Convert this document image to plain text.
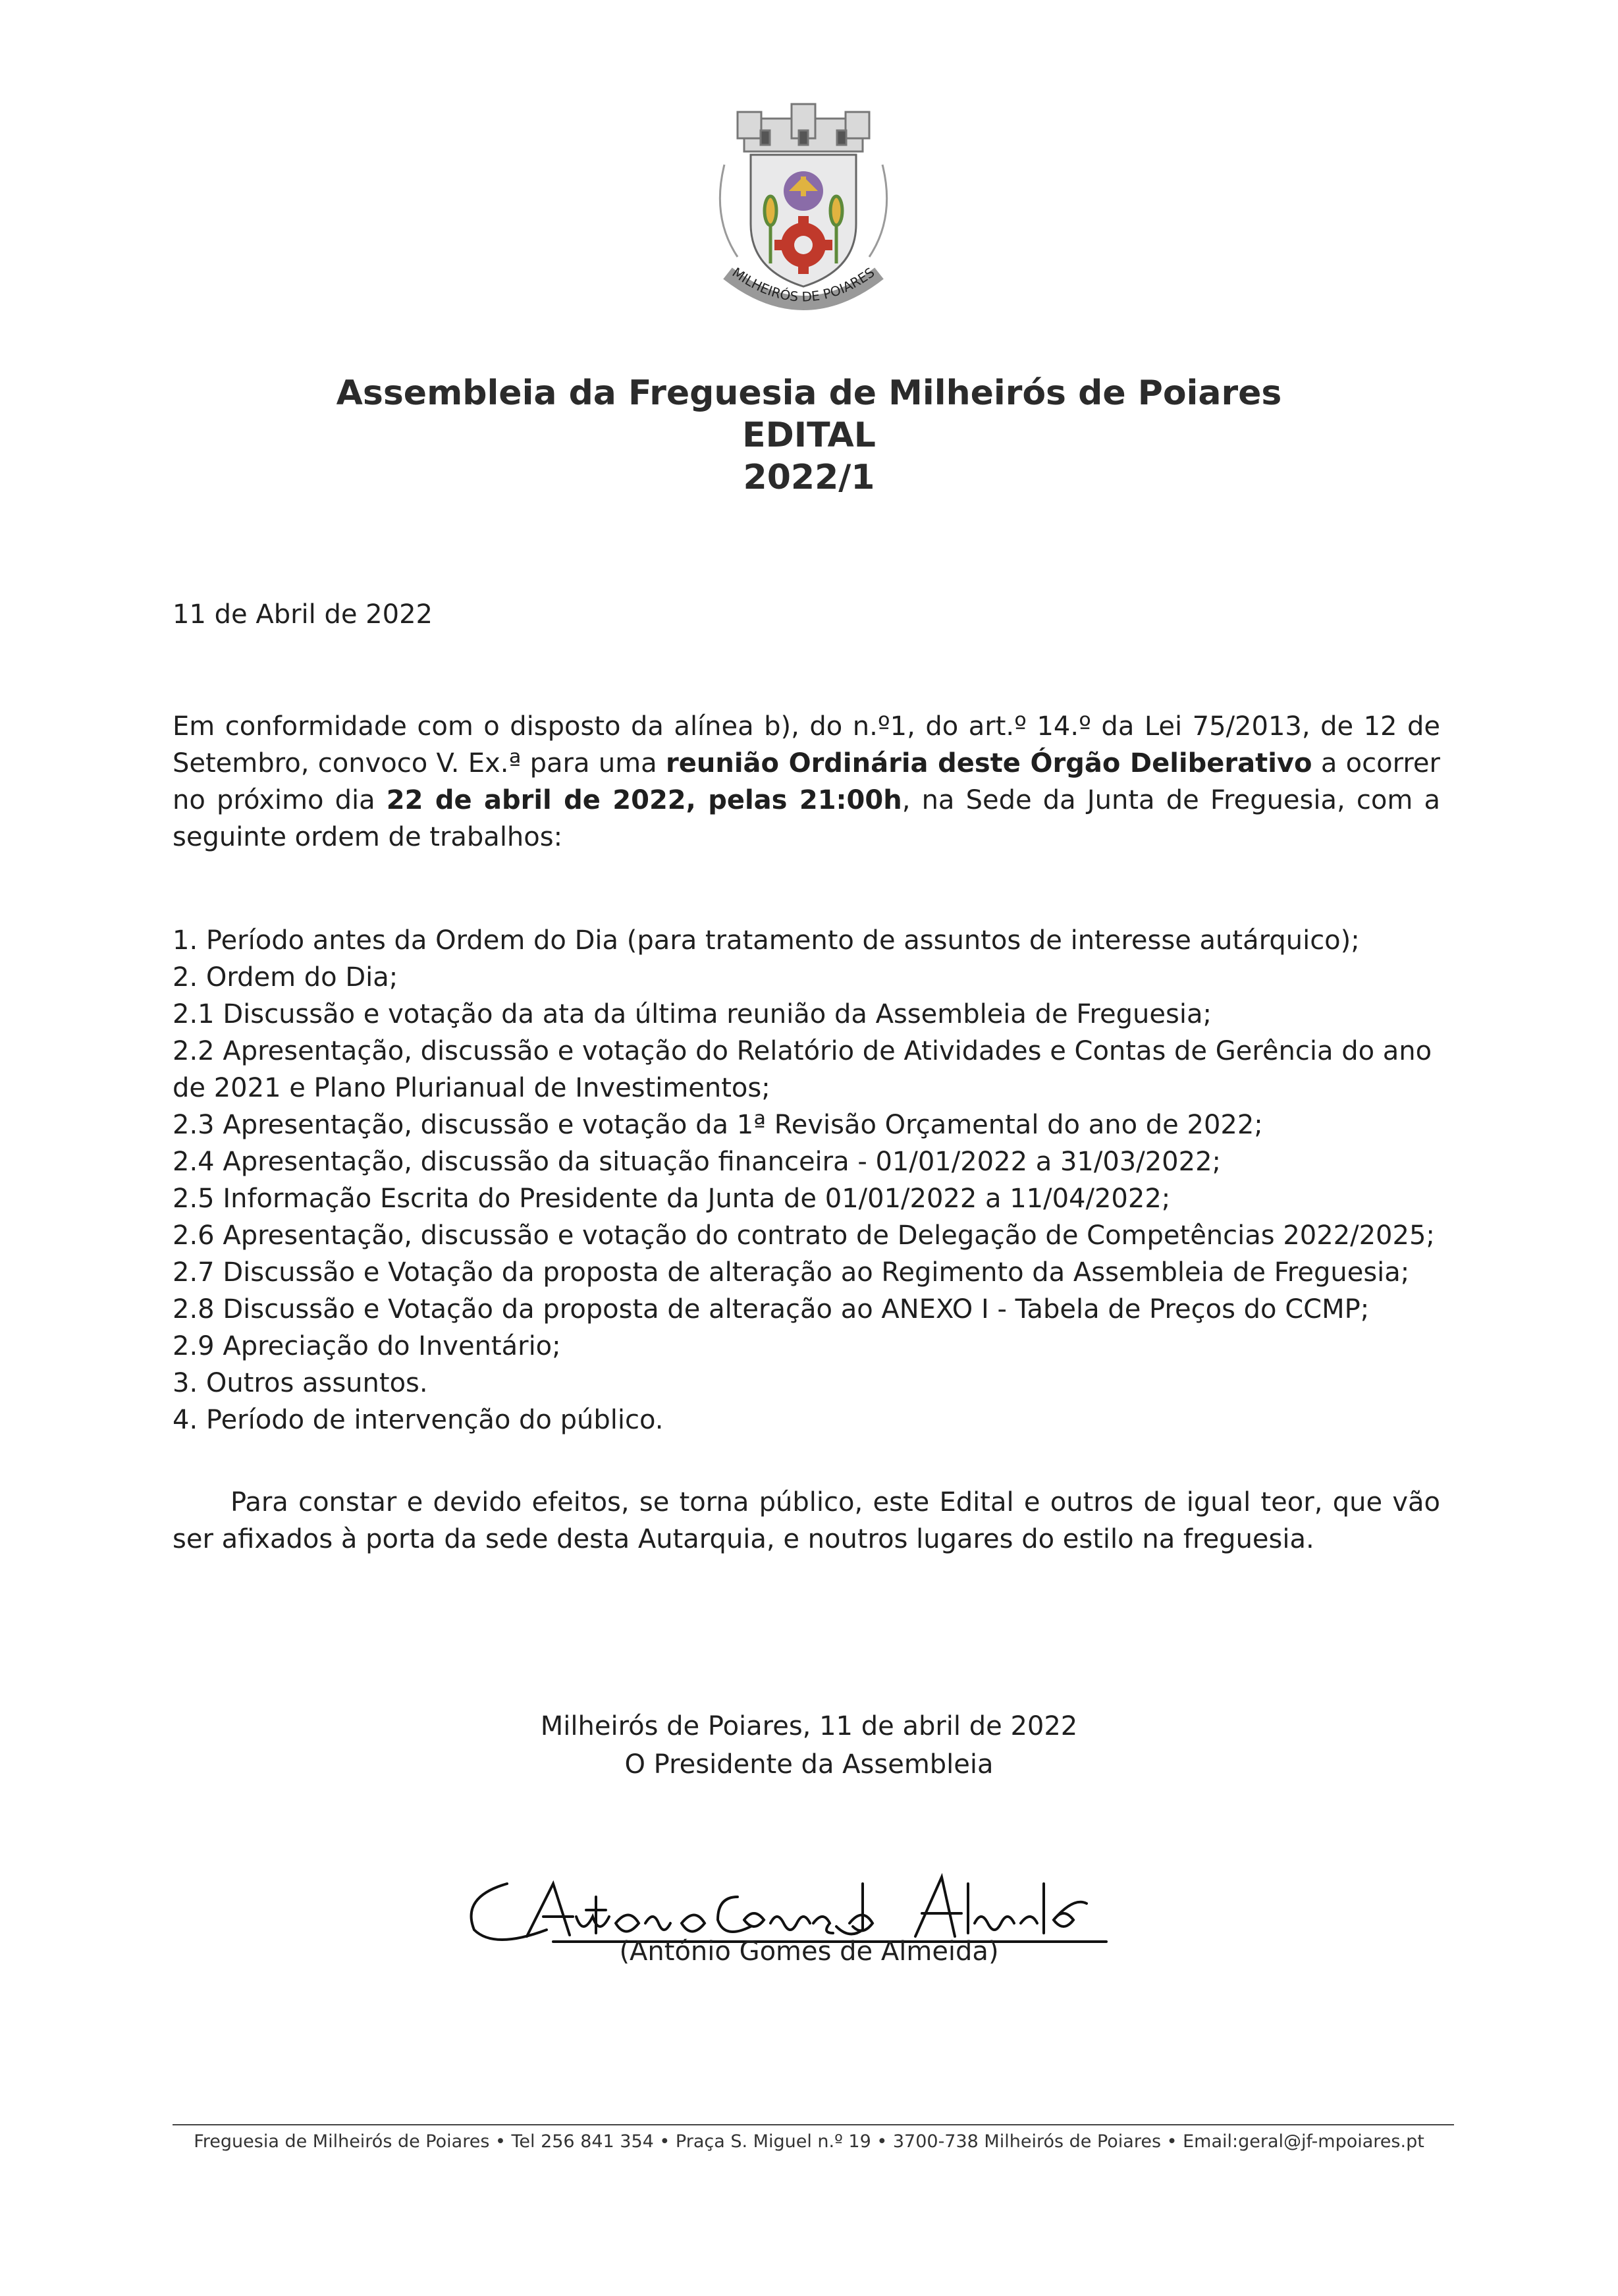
MILHEIRÓS DE POIARES
Assembleia da Freguesia de Milheirós de Poiares
EDITAL
2022/1
11 de Abril de 2022
Em conformidade com o disposto da alínea b), do n.º1, do art.º 14.º da Lei 75/2013, de 12 de Setembro, convoco V. Ex.ª para uma reunião Ordinária deste Órgão Deliberativo a ocorrer no próximo dia 22 de abril de 2022, pelas 21:00h, na Sede da Junta de Freguesia, com a seguinte ordem de trabalhos:
1. Período antes da Ordem do Dia (para tratamento de assuntos de interesse autárquico);
2. Ordem do Dia;
2.1 Discussão e votação da ata da última reunião da Assembleia de Freguesia;
2.2 Apresentação, discussão e votação do Relatório de Atividades e Contas de Gerência do ano de 2021 e Plano Plurianual de Investimentos;
2.3 Apresentação, discussão e votação da 1ª Revisão Orçamental do ano de 2022;
2.4 Apresentação, discussão da situação financeira - 01/01/2022 a 31/03/2022;
2.5 Informação Escrita do Presidente da Junta de 01/01/2022 a 11/04/2022;
2.6 Apresentação, discussão e votação do contrato de Delegação de Competências 2022/2025;
2.7 Discussão e Votação da proposta de alteração ao Regimento da Assembleia de Freguesia;
2.8 Discussão e Votação da proposta de alteração ao ANEXO I - Tabela de Preços do CCMP;
2.9 Apreciação do Inventário;
3. Outros assuntos.
4. Período de intervenção do público.
Para constar e devido efeitos, se torna público, este Edital e outros de igual teor, que vão ser afixados à porta da sede desta Autarquia, e noutros lugares do estilo na freguesia.
Milheirós de Poiares, 11 de abril de 2022
O Presidente da Assembleia
(António Gomes de Almeida)
Freguesia de Milheirós de Poiares • Tel 256 841 354 • Praça S. Miguel n.º 19 • 3700-738 Milheirós de Poiares • Email:geral@jf-mpoiares.pt
